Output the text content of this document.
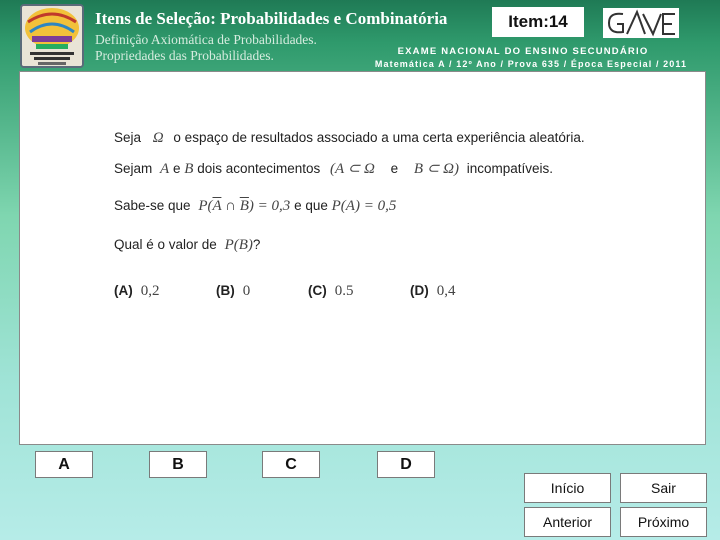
Itens de Seleção: Probabilidades e Combinatória
Definição Axiomática de Probabilidades.
Propriedades das Probabilidades.
Item:14
EXAME NACIONAL DO ENSINO SECUNDÁRIO
Matemática A / 12º Ano / Prova 635 / Época Especial / 2011
Seja Ω o espaço de resultados associado a uma certa experiência aleatória.
Sejam A e B dois acontecimentos (A ⊂ Ω e B ⊂ Ω) incompatíveis.
Sabe-se que $P(\overline{A}$ ∩ $\overline{B}) = 0,3$ e que P(A) = 0,5
Qual é o valor de P(B)?
(A) 0,2	(B) 0	(C) 0.5	(D) 0,4
A	B	C	D
Início	Sair
Anterior	Próximo
